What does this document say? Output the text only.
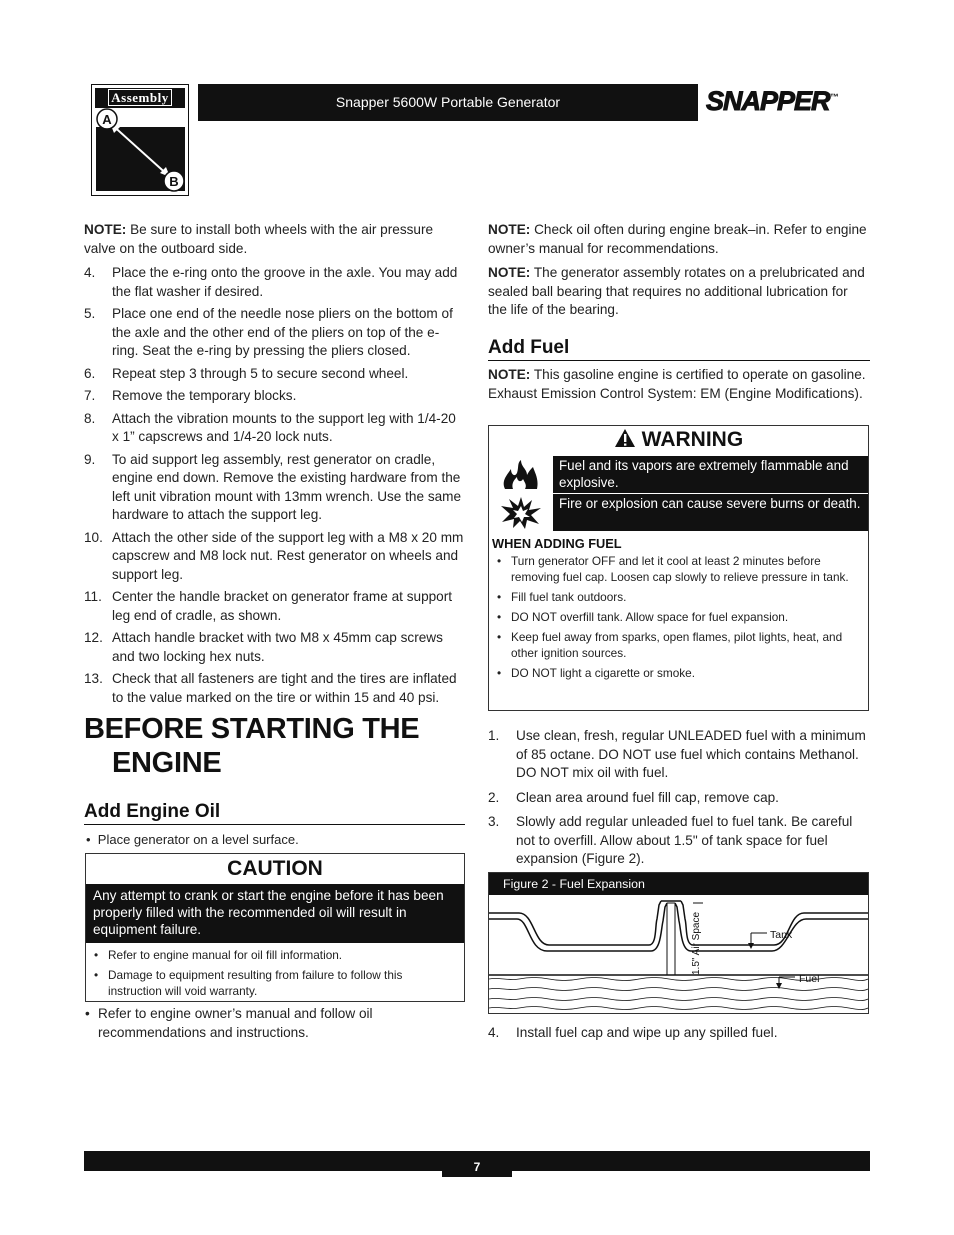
Assembly
A
B
Snapper 5600W Portable Generator	SNAPPER™

NOTE: Be sure to install both wheels with the air pressure valve on the outboard side.

4. Place the e-ring onto the groove in the axle. You may add the flat washer if desired.
5. Place one end of the needle nose pliers on the bottom of the axle and the other end of the pliers on top of the e-ring. Seat the e-ring by pressing the pliers closed.
6. Repeat step 3 through 5 to secure second wheel.
7. Remove the temporary blocks.
8. Attach the vibration mounts to the support leg with 1/4-20 x 1” capscrews and 1/4-20 lock nuts.
9. To aid support leg assembly, rest generator on cradle, engine end down. Remove the existing hardware from the left unit vibration mount with 13mm wrench. Use the same hardware to attach the support leg.
10. Attach the other side of the support leg with a M8 x 20 mm capscrew and M8 lock nut. Rest generator on wheels and support leg.
11. Center the handle bracket on generator frame at support leg end of cradle, as shown.
12. Attach handle bracket with two M8 x 45mm cap screws and two locking hex nuts.
13. Check that all fasteners are tight and the tires are inflated to the value marked on the tire or within 15 and 40 psi.
BEFORE STARTING THE
ENGINE
Add Engine Oil
• Place generator on a level surface.
CAUTION
Any attempt to crank or start the engine before it has been properly filled with the recommended oil will result in equipment failure.
• Refer to engine manual for oil fill information.
• Damage to equipment resulting from failure to follow this instruction will void warranty.
• Refer to engine owner’s manual and follow oil recommendations and instructions.

NOTE: Check oil often during engine break–in. Refer to engine owner’s manual for recommendations.

NOTE: The generator assembly rotates on a prelubricated and sealed ball bearing that requires no additional lubrication for the life of the bearing.

Add Fuel

NOTE: This gasoline engine is certified to operate on gasoline. Exhaust Emission Control System: EM (Engine Modifications).

WARNING
Fuel and its vapors are extremely flammable and explosive.
Fire or explosion can cause severe burns or death.
WHEN ADDING FUEL
• Turn generator OFF and let it cool at least 2 minutes before removing fuel cap. Loosen cap slowly to relieve pressure in tank.
• Fill fuel tank outdoors.
• DO NOT overfill tank. Allow space for fuel expansion.
• Keep fuel away from sparks, open flames, pilot lights, heat, and other ignition sources.
• DO NOT light a cigarette or smoke.
1. Use clean, fresh, regular UNLEADED fuel with a minimum of 85 octane. DO NOT use fuel which contains Methanol. DO NOT mix oil with fuel.
2. Clean area around fuel fill cap, remove cap.
3. Slowly add regular unleaded fuel to fuel tank. Be careful not to overfill. Allow about 1.5" of tank space for fuel expansion (Figure 2).
Figure 2 - Fuel Expansion
1.5" Air Space	Tank
Fuel
4. Install fuel cap and wipe up any spilled fuel.
7
